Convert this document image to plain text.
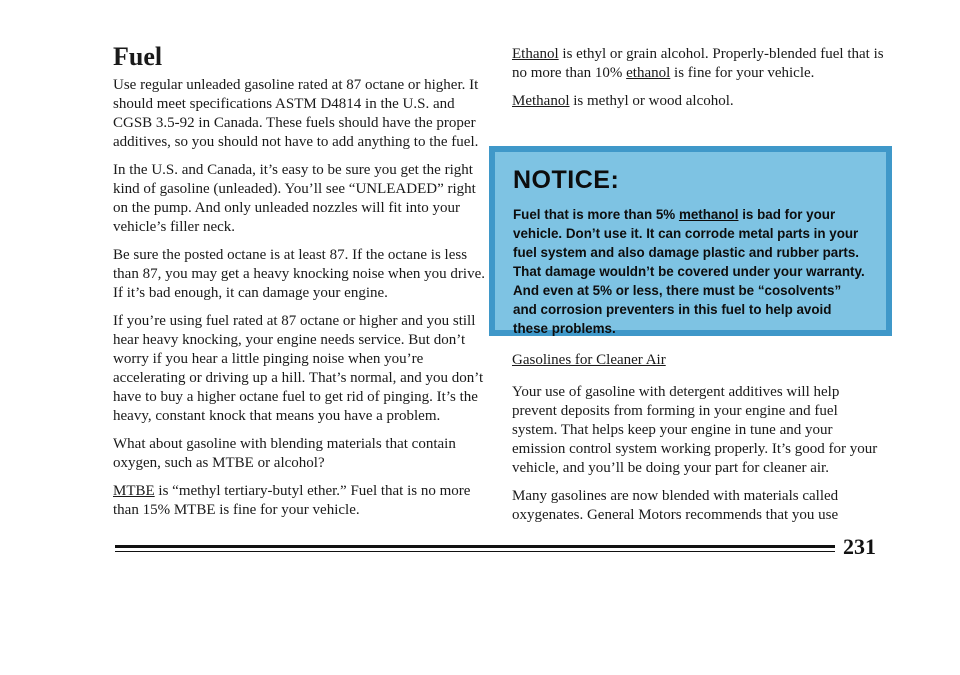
Fuel

Use regular unleaded gasoline rated at 87 octane or higher. It should meet specifications ASTM D4814 in the U.S. and CGSB 3.5-92 in Canada. These fuels should have the proper additives, so you should not have to add anything to the fuel.

In the U.S. and Canada, it’s easy to be sure you get the right kind of gasoline (unleaded). You’ll see “UNLEADED” right on the pump. And only unleaded nozzles will fit into your vehicle’s filler neck.

Be sure the posted octane is at least 87. If the octane is less than 87, you may get a heavy knocking noise when you drive. If it’s bad enough, it can damage your engine.

If you’re using fuel rated at 87 octane or higher and you still hear heavy knocking, your engine needs service. But don’t worry if you hear a little pinging noise when you’re accelerating or driving up a hill. That’s normal, and you don’t have to buy a higher octane fuel to get rid of pinging. It’s the heavy, constant knock that means you have a problem.

What about gasoline with blending materials that contain oxygen, such as MTBE or alcohol?

MTBE is “methyl tertiary-butyl ether.” Fuel that is no more than 15% MTBE is fine for your vehicle.

Ethanol is ethyl or grain alcohol. Properly-blended fuel that is no more than 10% ethanol is fine for your vehicle.

Methanol is methyl or wood alcohol.

NOTICE:

Fuel that is more than 5% methanol is bad for your vehicle. Don’t use it. It can corrode metal parts in your fuel system and also damage plastic and rubber parts. That damage wouldn’t be covered under your warranty. And even at 5% or less, there must be “cosolvents” and corrosion preventers in this fuel to help avoid these problems.

Gasolines for Cleaner Air

Your use of gasoline with detergent additives will help prevent deposits from forming in your engine and fuel system. That helps keep your engine in tune and your emission control system working properly. It’s good for your vehicle, and you’ll be doing your part for cleaner air.

Many gasolines are now blended with materials called oxygenates. General Motors recommends that you use

231
